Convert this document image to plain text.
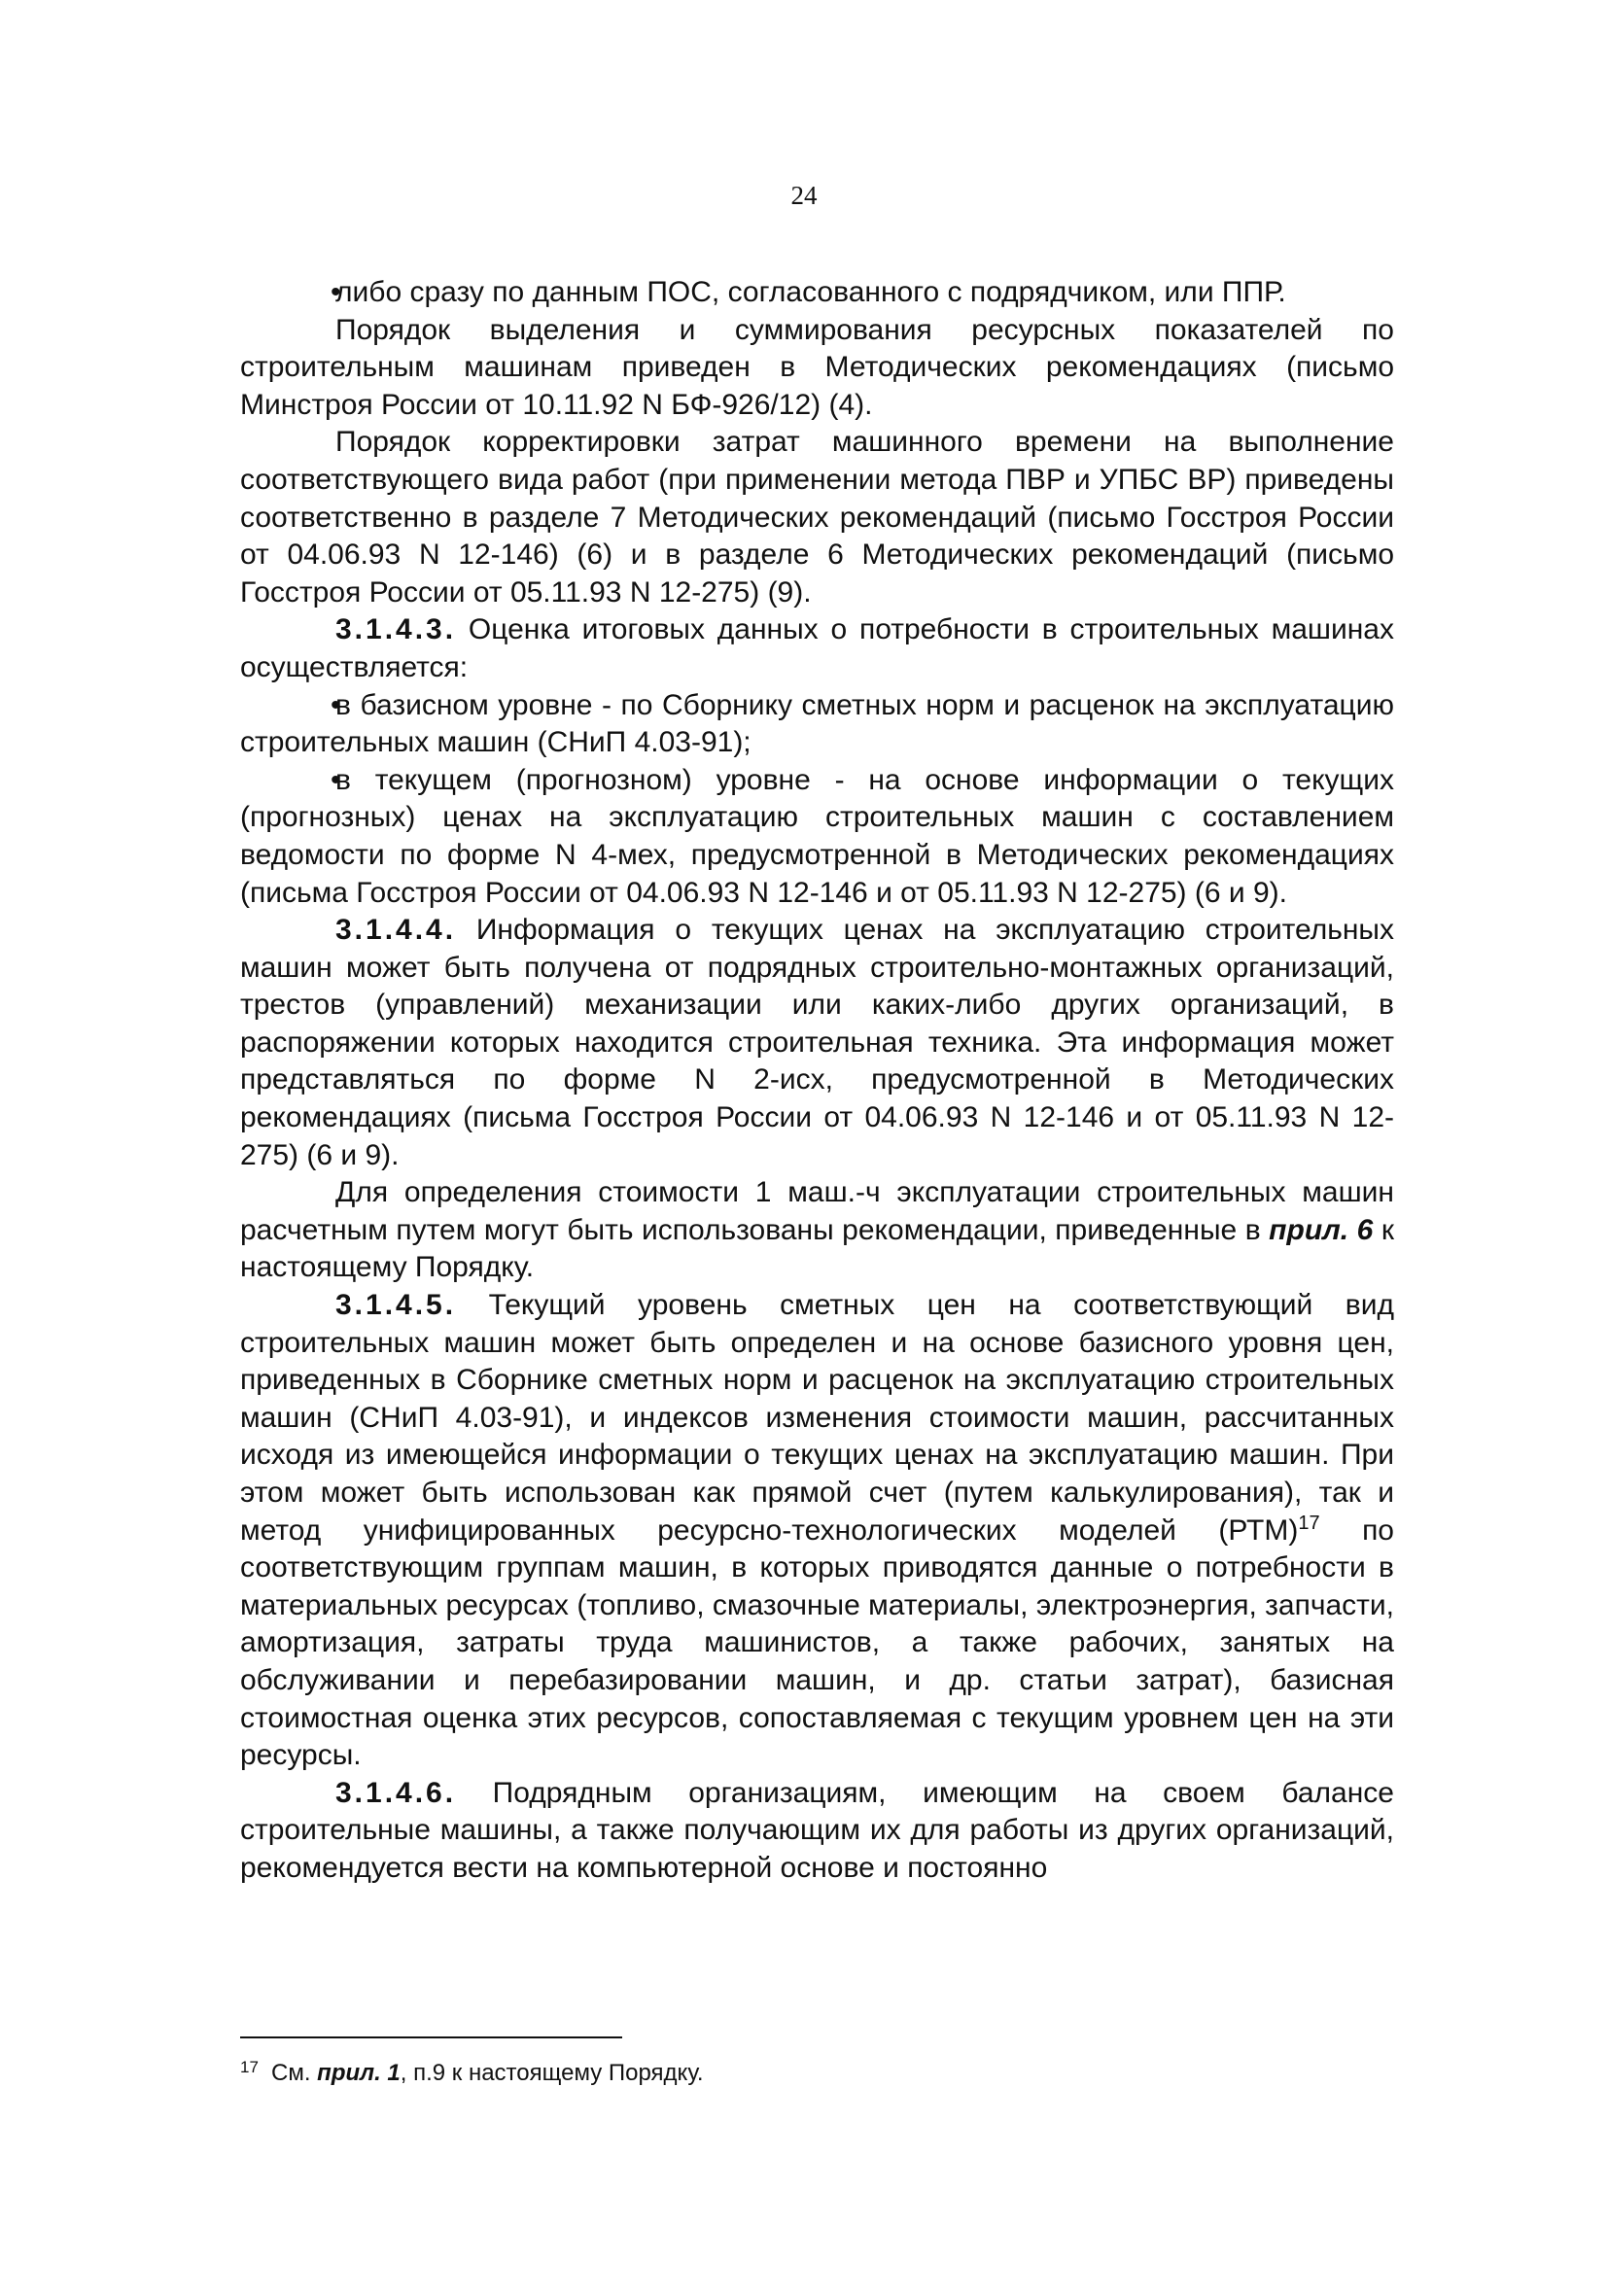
24

либо сразу по данным ПОС, согласованного с подрядчиком, или ППР.

Порядок выделения и суммирования ресурсных показателей по строительным машинам приведен в Методических рекомендациях (письмо Минстроя России от 10.11.92 N БФ-926/12) (4).

Порядок корректировки затрат машинного времени на выполнение соответствующего вида работ (при применении метода ПВР и УПБС ВР) приведены соответственно в разделе 7 Методических рекомендаций (письмо Госстроя России от 04.06.93 N 12-146) (6) и в разделе 6 Методических рекомендаций (письмо Госстроя России от 05.11.93 N 12-275) (9).

3.1.4.3. Оценка итоговых данных о потребности в строительных машинах осуществляется:

в базисном уровне - по Сборнику сметных норм и расценок на эксплуатацию строительных машин (СНиП 4.03-91);

в текущем (прогнозном) уровне - на основе информации о текущих (прогнозных) ценах на эксплуатацию строительных машин с составлением ведомости по форме N 4-мех, предусмотренной в Методических рекомендациях (письма Госстроя России от 04.06.93 N 12-146 и от 05.11.93 N 12-275) (6 и 9).

3.1.4.4. Информация о текущих ценах на эксплуатацию строительных машин может быть получена от подрядных строительно-монтажных организаций, трестов (управлений) механизации или каких-либо других организаций, в распоряжении которых находится строительная техника. Эта информация может представляться по форме N 2-исх, предусмотренной в Методических рекомендациях (письма Госстроя России от 04.06.93 N 12-146 и от 05.11.93 N 12-275) (6 и 9).

Для определения стоимости 1 маш.-ч эксплуатации строительных машин расчетным путем могут быть использованы рекомендации, приведенные в прил. 6 к настоящему Порядку.

3.1.4.5. Текущий уровень сметных цен на соответствующий вид строительных машин может быть определен и на основе базисного уровня цен, приведенных в Сборнике сметных норм и расценок на эксплуатацию строительных машин (СНиП 4.03-91), и индексов изменения стоимости машин, рассчитанных исходя из имеющейся информации о текущих ценах на эксплуатацию машин. При этом может быть использован как прямой счет (путем калькулирования), так и метод унифицированных ресурсно-технологических моделей (РТМ)$^{17}$ по соответствующим группам машин, в которых приводятся данные о потребности в материальных ресурсах (топливо, смазочные материалы, электроэнергия, запчасти, амортизация, затраты труда машинистов, а также рабочих, занятых на обслуживании и перебазировании машин, и др. статьи затрат), базисная стоимостная оценка этих ресурсов, сопоставляемая с текущим уровнем цен на эти ресурсы.

3.1.4.6. Подрядным организациям, имеющим на своем балансе строительные машины, а также получающим их для работы из других организаций, рекомендуется вести на компьютерной основе и постоянно

17 См. прил. 1, п.9 к настоящему Порядку.
